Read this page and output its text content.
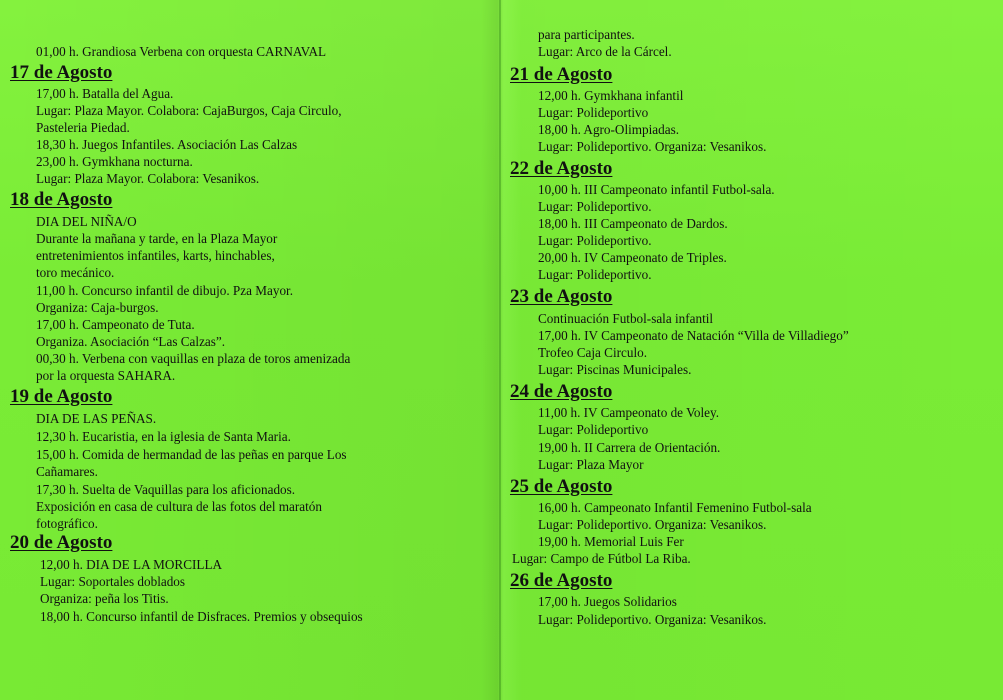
01,00 h. Grandiosa Verbena con orquesta CARNAVAL
17 de Agosto
17,00 h. Batalla del Agua.
Lugar: Plaza Mayor. Colabora: CajaBurgos, Caja Circulo,
Pasteleria Piedad.
18,30 h. Juegos Infantiles. Asociación Las Calzas
23,00 h. Gymkhana nocturna.
Lugar: Plaza Mayor. Colabora: Vesanikos.
18 de Agosto
DIA DEL NIÑA/O
Durante la mañana y tarde, en la Plaza Mayor
entretenimientos infantiles, karts, hinchables,
toro mecánico.
11,00 h. Concurso infantil de dibujo. Pza Mayor.
Organiza: Caja-burgos.
17,00 h. Campeonato de Tuta.
Organiza. Asociación “Las Calzas”.
00,30 h. Verbena con vaquillas en plaza de toros amenizada
por la orquesta SAHARA.
19 de Agosto
DIA DE LAS PEÑAS.
12,30 h. Eucaristia, en la iglesia de Santa Maria.
15,00 h. Comida de hermandad de las peñas en parque Los
Cañamares.
17,30 h. Suelta de Vaquillas para los aficionados.
Exposición en casa de cultura de las fotos del maratón
fotográfico.
20 de Agosto
12,00 h. DIA DE LA MORCILLA
Lugar: Soportales doblados
Organiza: peña los Titis.
18,00 h. Concurso infantil de Disfraces. Premios y obsequios
para participantes.
Lugar: Arco de la Cárcel.
21 de Agosto
12,00 h. Gymkhana infantil
Lugar: Polideportivo
18,00 h. Agro-Olimpiadas.
Lugar: Polideportivo. Organiza: Vesanikos.
22 de Agosto
10,00 h. III Campeonato infantil Futbol-sala.
Lugar: Polideportivo.
18,00 h. III Campeonato de Dardos.
Lugar: Polideportivo.
20,00 h. IV Campeonato de Triples.
Lugar: Polideportivo.
23 de Agosto
Continuación Futbol-sala infantil
17,00 h. IV Campeonato de Natación “Villa de Villadiego”
Trofeo Caja Circulo.
Lugar: Piscinas Municipales.
24 de Agosto
11,00 h. IV Campeonato de Voley.
Lugar: Polideportivo
19,00 h. II Carrera de Orientación.
Lugar: Plaza Mayor
25 de Agosto
16,00 h. Campeonato Infantil Femenino Futbol-sala
Lugar: Polideportivo. Organiza: Vesanikos.
19,00 h. Memorial Luis Fer
Lugar: Campo de Fútbol La Riba.
26 de Agosto
17,00 h. Juegos Solidarios
Lugar: Polideportivo. Organiza: Vesanikos.
